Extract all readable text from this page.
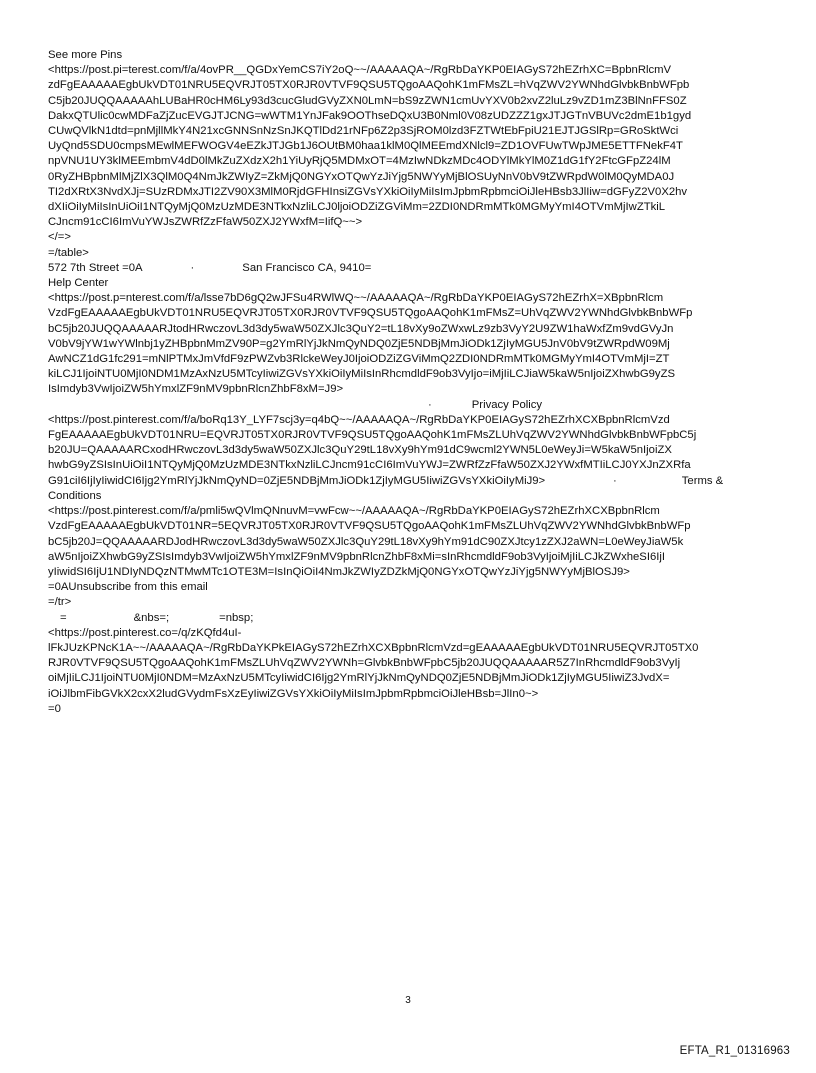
See more Pins
<https://post.pi=terest.com/f/a/4ovPR__QGDxYemCS7iY2oQ~~/AAAAAQA~/RgRbDaYKP0EIAGyS72hEZrhXC=BpbnRlcmV
zdFgEAAAAAEgbUkVDT01NRU5EQVRJT05TX0RJR0VTVF9QSU5TQgoAAQohK1mFMsZL=hVqZWV2YWNhdGlvbkBnbWFpb
C5jb20JUQQAAAAAhLUBaHR0cHM6Ly93d3cucGludGVyZXN0LmN=bS9zZWN1cmUvYXV0b2xvZ2luLz9vZD1mZ3BlNnFFS0Z
DakxQTUlic0cwMDFaZjZucEVGJTJCNG=wWTM1YnJFak9OOThseDQxU3B0Nml0V08zUDZZZ1gxJTJGTnVBUVc2dmE1b1gyd
CUwQVlkN1dtd=pnMjllMkY4N21xcGNNSnNzSnJKQTlDd21rNFp6Z2p3SjROM0lzd3FZTWtEbFpiU21EJTJGSlRp=GRoSktWci
UyQnd5SDU0cmpsMEwlMEFWOGV4eEZkJTJGb1J6OUtBM0haa1klM0QlMEEmdXNlcl9=ZD1OVFUwTWpJME5ETTFNekF4T
npVNU1UY3klMEEmbmV4dD0lMkZuZXdzX2h1YiUyRjQ5MDMxOT=4MzIwNDkzMDc4ODYlMkYlM0Z1dG1fY2FtcGFpZ24lM
0RyZHBpbnMlMjZlX3QlM0Q4NmJkZWIyZ=ZkMjQ0NGYxOTQwYzJiYjg5NWYyMjBlOSUyNnV0bV9tZWRpdW0lM0QyMDA0J
TI2dXRtX3NvdXJj=SUzRDMxJTI2ZV90X3MlM0RjdGFHInsiZGVsYXkiOiIyMiIsImJpbmRpbmciOiJleHBsb3JlIiw=dGFyZ2V0X2hv
dXIiOiIyMiIsInUiOiI1NTQyMjQ0MzUzMDE3NTkxNzliLCJ0ljoiODZiZGViMm=2ZDI0NDRmMTk0MGMyYmI4OTVmMjIwZTkiL
CJncm91cCI6ImVuYWJsZWRfZzFfaW50ZXJ2YWxfM=IifQ~~>
</=>
=/table>
572 7th Street =0A	·	San Francisco CA, 9410=
Help Center
<https://post.p=nterest.com/f/a/lsse7bD6gQ2wJFSu4RWlWQ~~/AAAAAQA~/RgRbDaYKP0EIAGyS72hEZrhX=XBpbnRlcm
VzdFgEAAAAAEgbUkVDT01NRU5EQVRJT05TX0RJR0VTVF9QSU5TQgoAAQohK1mFMsZ=UhVqZWV2YWNhdGlvbkBnbWFp
bC5jb20JUQQAAAAARJtodHRwczovL3d3dy5waW50ZXJlc3QuY2=tL18vXy9oZWxwLz9zb3VyY2U9ZW1haWxfZm9vdGVyJn
V0bV9jYW1wYWlnbj1yZHBpbnMmZV90P=g2YmRlYjJkNmQyNDQ0ZjE5NDBjMmJiODk1ZjIyMGU5JnV0bV9tZWRpdW09Mj
AwNCZ1dG1fc291=mNlPTMxJmVfdF9zPWZvb3RlckeWeyJ0IjoiODZiZGViMmQ2ZDI0NDRmMTk0MGMyYmI4OTVmMjI=ZT
kiLCJ1IjoiNTU0MjI0NDM1MzAxNzU5MTcyIiwiZGVsYXkiOiIyMiIsInRhcmdldF9ob3VyIjo=iMjIiLCJiaW5kaW5nIjoiZXhwbG9yZS
IsImdyb3VwIjoiZW5hYmxlZF9nMV9pbnRlcnZhbF8xM=J9>
·	Privacy Policy
<https://post.pinterest.com/f/a/boRq13Y_LYF7scj3y=q4bQ~~/AAAAAQA~/RgRbDaYKP0EIAGyS72hEZrhXCXBpbnRlcmVzd
FgEAAAAAEgbUkVDT01NRU=EQVRJT05TX0RJR0VTVF9QSU5TQgoAAQohK1mFMsZLUhVqZWV2YWNhdGlvbkBnbWFpbC5j
b20JU=QAAAAARCxodHRwczovL3d3dy5waW50ZXJlc3QuY29tL18vXy9hYm91dC9wcml2YWN5L0eWeyJi=W5kaW5nIjoiZX
hwbG9yZSIsInUiOiI1NTQyMjQ0MzUzMDE3NTkxNzliLCJncm91cCI6ImVuYWJ=ZWRfZzFfaW50ZXJ2YWxfMTIiLCJ0YXJnZXRfa
G91ciI6IjIyIiwidCI6Ijg2YmRlYjJkNmQyND=0ZjE5NDBjMmJiODk1ZjIyMGU5IiwiZGVsYXkiOiIyMiJ9>	·	Terms &
Conditions
<https://post.pinterest.com/f/a/pmli5wQVlmQNnuvM=vwFcw~~/AAAAAQA~/RgRbDaYKP0EIAGyS72hEZrhXCXBpbnRlcm
VzdFgEAAAAAEgbUkVDT01NR=5EQVRJT05TX0RJR0VTVF9QSU5TQgoAAQohK1mFMsZLUhVqZWV2YWNhdGlvbkBnbWFp
bC5jb20J=QQAAAAARDJodHRwczovL3d3dy5waW50ZXJlc3QuY29tL18vXy9hYm91dC90ZXJtcy1zZXJ2aWN=L0eWeyJiaW5k
aW5nIjoiZXhwbG9yZSIsImdyb3VwIjoiZW5hYmxlZF9nMV9pbnRlcnZhbF8xMi=sInRhcmdldF9ob3VyIjoiMjIiLCJkZWxheSI6IjI
yIiwidSI6IjU1NDIyNDQzNTMwMTc1OTE3M=IsInQiOiI4NmJkZWIyZDZkMjQ0NGYxOTQwYzJiYjg5NWYyMjBlOSJ9>
=0AUnsubscribe from this email
=/tr>
=	&nbs=;	=nbsp;
<https://post.pinterest.co=/q/zKQfd4uI-
lFkJUzKPNcK1A~~/AAAAAQA~/RgRbDaYKPkEIAGyS72hEZrhXCXBpbnRlcmVzd=gEAAAAAEgbUkVDT01NRU5EQVRJT05TX0
RJR0VTVF9QSU5TQgoAAQohK1mFMsZLUhVqZWV2YWNh=GlvbkBnbWFpbC5jb20JUQQAAAAAR5Z7InRhcmdldF9ob3VyIj
oiMjIiLCJ1IjoiNTU0MjI0NDM=MzAxNzU5MTcyIiwidCI6Ijg2YmRlYjJkNmQyNDQ0ZjE5NDBjMmJiODk1ZjIyMGU5IiwiZ3JvdX=
iOiJlbmFibGVkX2cxX2ludGVydmFsXzEyIiwiZGVsYXkiOiIyMiIsImJpbmRpbmciOiJleHBsb=JlIn0~>
=0
3
EFTA_R1_01316963
